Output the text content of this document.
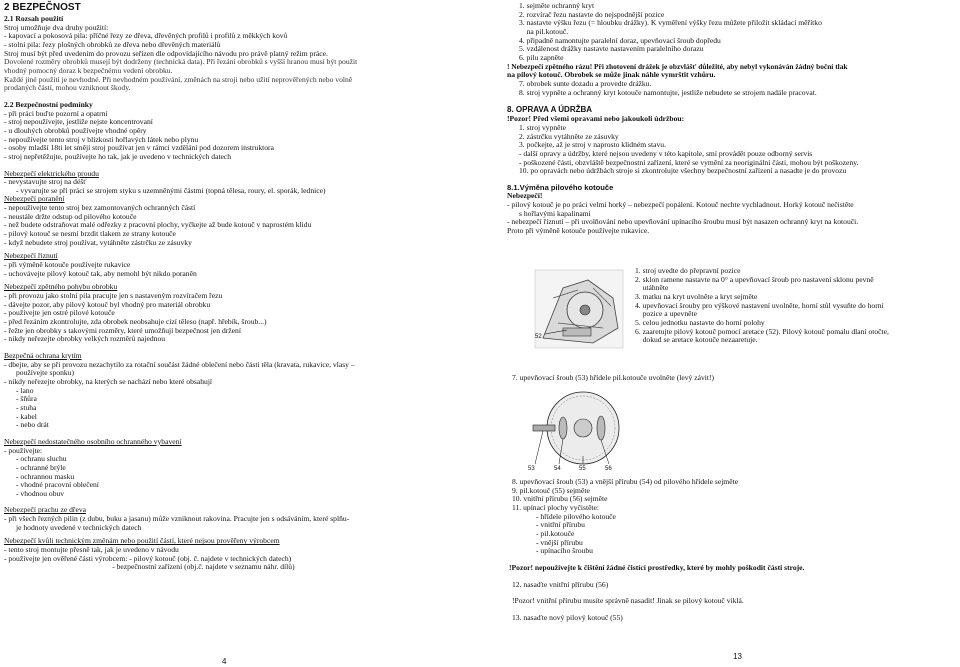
2 BEZPEČNOST

2.1 Rozsah použití

Stroj umožňuje dva druhy použití:

- kapovací a pokosová pila: příčné řezy ze dřeva, dřevěných profilů i profilů z měkkých kovů

- stolní pila: řezy plošných obrobků ze dřeva nebo dřevěných materiálů

Stroj musí být před uvedením do provozu seřízen dle odpovídajícího návodu pro právě platný režim práce.

Dovolené rozměry obrobků musejí být dodrženy (technická data). Při řezání obrobků s vyšší hranou musí být použit

vhodný pomocný doraz k bezpečnému vedení obrobku.

Každé jiné použití je nevhodné. Při nevhodném používání, změnách na stroji nebo užití neprověřených nebo volně

prodaných částí, mohou vzniknout škody.

2.2 Bezpečnostní podmínky

- při práci buďte pozorní a opatrní

- stroj nepoužívejte, jestliže nejste koncentrovaní

- u dlouhých obrobků používejte vhodné opěry

- nepoužívejte tento stroj v blízkosti hořlavých látek nebo plynu

- osoby mladší 18ti let smějí stroj používat jen v rámci vzdělání pod dozorem instruktora

- stroj nepřetěžujte, používejte ho tak, jak je uvedeno v technických datech

Nebezpečí elektrického proudu

- nevystavujte stroj na déšť

- vyvarujte se při práci se strojem styku s uzemněnými částmi (topná tělesa, roury, el. sporák, lednice)

Nebezpečí poranění

- nepoužívejte tento stroj bez zamontovaných ochranných částí

- neustále držte odstup od pilového kotouče

- než budete odstraňovat malé odřezky z pracovní plochy, vyčkejte až bude kotouč v naprostém klidu

- pilový kotouč se nesmí brzdit tlakem ze strany kotouče

- když nebudete stroj používat, vytáhněte zástrčku ze zásuvky

Nebezpečí řiznutí

- při výměně kotouče používejte rukavice

- uchovávejte pilový kotouč tak, aby nemohl být nikdo poraněn

Nebezpečí zpětného pohybu obrobku

- při provozu jako stolní pila pracujte jen s nastaveným rozvíračem řezu

- dávejte pozor, aby pilový kotouč byl vhodný pro materiál obrobku

- používejte jen ostré pilové kotouče

- před řezáním zkontrolujte, zda obrobek neobsahuje cizí těleso (např. hřebík, šroub...)

- řežte jen obrobky s takovými rozměry, které umožňují bezpečnost jen držení

- nikdy neřezejte obrobky velkých rozměrů najednou

Bezpečná ochrana krytím

- dbejte, aby se při provozu nezachytilo za rotační součást žádné oblečení nebo části těla (kravata, rukavice, vlasy –

používejte sponku)

- nikdy neřezejte obrobky, na kterých se nachází nebo které obsahují

- lano

- šňůra

- stuha

- kabel

- nebo drát

Nebezpečí nedostatečného osobního ochranného vybavení

- používejte:

- ochranu sluchu

- ochranné brýle

- ochrannou masku

- vhodné pracovní oblečení

- vhodnou obuv

Nebezpečí prachu ze dřeva

- při všech řezných pilin (z dubu, buku a jasanu) může vzniknout rakovina. Pracujte jen s odsáváním, které splňu-

je hodnoty uvedené v technických datech

Nebezpečí kvůli technickým změnám nebo použití částí, které nejsou prověřeny výrobcem

- tento stroj montujte přesně tak, jak je uvedeno v návodu

- používejte jen ověřené části výrobcem: - pilový kotouč (obj. č. najdete v technických datech)

- bezpečnostní zařízení (obj.č. najdete v seznamu náhr. dílů)

4

1. sejměte ochranný kryt

2. rozvírač řezu nastavte do nejspodnější pozice

3. nastavte výšku řezu (= hloubku drážky). K vyměření výšky řezu můžete přiložit skládací měřítko

na pil.kotouč.

4. připadně namontujte paralelní doraz, upevňovací šroub dopředu

5. vzdálenost drážky nastavte nastavením paralelního dorazu

6. pilu zapněte

! Nebezpečí zpětného rázu! Při zhotovení drážek je obzvlášť důležité, aby nebyl vykonáván žádný boční tlak

na pilový kotouč. Obrobek se může jinak náhle vymrštit vzhůru.

7. obrobek sunte dozadu a provedte drážku.

8. stroj vypněte a ochranný kryt kotouče namontujte, jestliže nebudete se strojem nadále pracovat.

8. OPRAVA A ÚDRŽBA

!Pozor! Před všemi opravami nebo jakoukoli údržbou:

1. stroj vypněte

2. zástrčku vytáhněte ze zásuvky

3. počkejte, až je stroj v naprosto klidném stavu.

- další opravy a údržby, které nejsou uvedeny v této kapitole, smí provádět pouze odborný servis

- poškozené části, obzvláště bezpečnostní zařízení, které se vymění za neoriginální části, mohou být poškozeny.

10. po opravách nebo údržbách stroje si zkontrolujte všechny bezpečnostní zařízení a nasadte je do provozu

8.1.Výměna pilového kotouče

Nebezpečí!

- pilový kotouč je po práci velmi horký – nebezpečí popálení. Kotouč nechte vychladnout. Horký kotouč nečistěte

s hořlavými kapalinami

- nebezpečí říznutí – při uvolňování nebo upevňování upínacího šroubu musí být nasazen ochranný kryt na kotouči.

Proto při výměně kotouče používejte rukavice.

52

1. stroj uvedte do přepravní pozice

2. sklon ramene nastavte na 0° a upevňovací šroub pro nastavení sklonu pevně

utáhněte

3. matku na kryt uvolněte a kryt sejměte

4. upevňovací šrouby pro výškové nastavení uvolněte, horní stůl vysuňte do horní

pozice a upevněte

5. celou jednotku nastavte do horní polohy

6. zaaretujte pilový kotouč pomocí aretace (52). Pilový kotouč pomalu dlaní otočte,

dokud se aretace kotouče nezaaretuje.

7. upevňovací šroub (53) hřídele pil.kotouče uvolněte (levý závit!)

53	54	55	56

8. upevňovací šroub (53) a vnější přírubu (54) od pilového hřídele sejměte

9. pil.kotouč (55) sejměte

10. vnitřní přírubu (56) sejměte

11. upínací plochy vyčistěte:

- hřídele pilového kotouče

- vnitřní přírubu

- pil.kotouče

- vnější přírubu

- upínacího šroubu

!Pozor! nepoužívejte k čištění žádné čistící prostředky, které by mohly poškodit části stroje.

12. nasaďte vnitřní přírubu (56)

!Pozor! vnitřní přírubu musíte správně nasadit! Jinak se pilový kotouč viklá.

13. nasaďte nový pilový kotouč (55)

13
